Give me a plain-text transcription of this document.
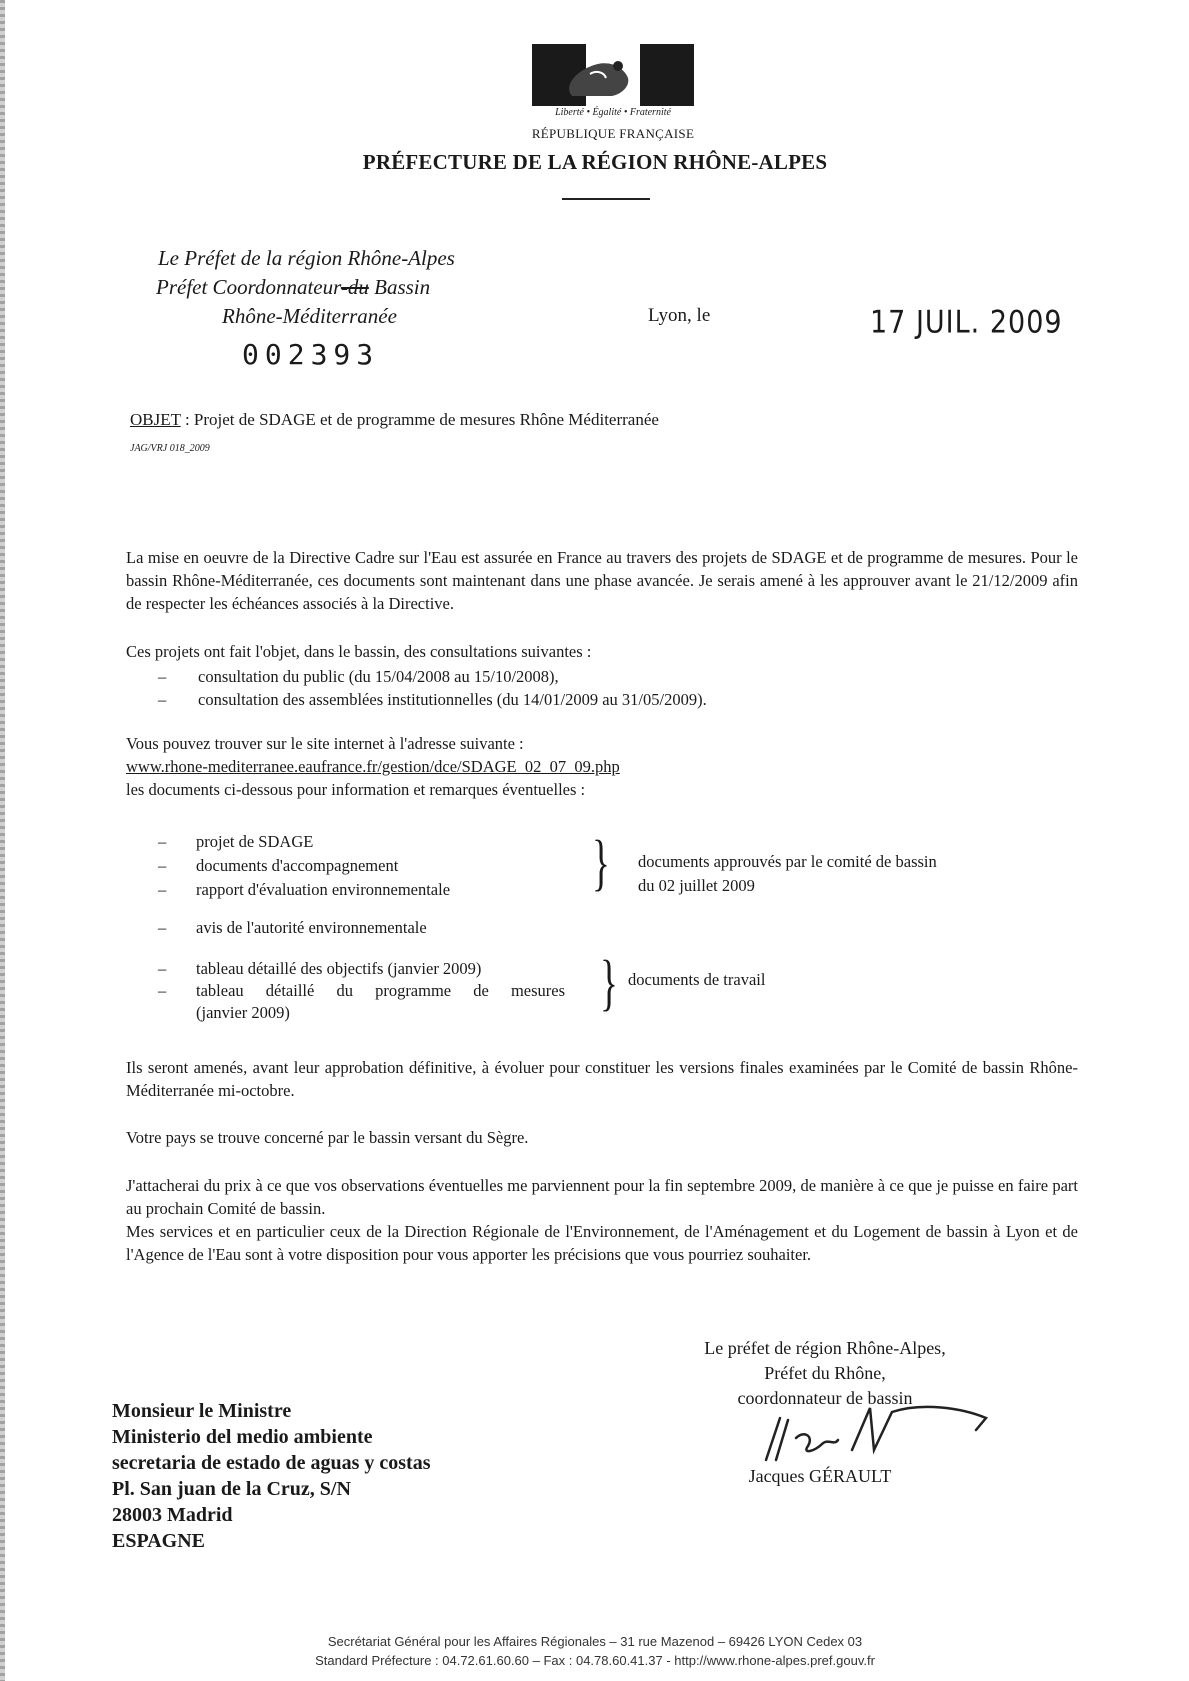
Liberté • Égalité • Fraternité
RÉPUBLIQUE FRANÇAISE
PRÉFECTURE DE LA RÉGION RHÔNE-ALPES
Le Préfet de la région Rhône-Alpes
Préfet Coordonnateur-du Bassin
Rhône-Méditerranée
002393
Lyon, le	17 JUIL. 2009
OBJET : Projet de SDAGE et de programme de mesures Rhône Méditerranée
JAG/VRJ 018_2009
La mise en oeuvre de la Directive Cadre sur l'Eau est assurée en France au travers des projets de SDAGE et de programme de mesures. Pour le bassin Rhône-Méditerranée, ces documents sont maintenant dans une phase avancée. Je serais amené à les approuver avant le 21/12/2009 afin de respecter les échéances associés à la Directive.
Ces projets ont fait l'objet, dans le bassin, des consultations suivantes :
–	consultation du public (du 15/04/2008 au 15/10/2008),
–	consultation des assemblées institutionnelles (du 14/01/2009 au 31/05/2009).
Vous pouvez trouver sur le site internet à l'adresse suivante :
www.rhone-mediterranee.eaufrance.fr/gestion/dce/SDAGE_02_07_09.php
les documents ci-dessous pour information et remarques éventuelles :
–	projet de SDAGE
–	documents d'accompagnement
–	rapport d'évaluation environnementale } documents approuvés par le comité de bassin
du 02 juillet 2009
–	avis de l'autorité environnementale
–	tableau détaillé des objectifs (janvier 2009)
–	tableau détaillé du programme de mesures
(janvier 2009)	} documents de travail
Ils seront amenés, avant leur approbation définitive, à évoluer pour constituer les versions finales examinées par le Comité de bassin Rhône-Méditerranée mi-octobre.
Votre pays se trouve concerné par le bassin versant du Sègre.
J'attacherai du prix à ce que vos observations éventuelles me parviennent pour la fin septembre 2009, de manière à ce que je puisse en faire part au prochain Comité de bassin.
Mes services et en particulier ceux de la Direction Régionale de l'Environnement, de l'Aménagement et du Logement de bassin à Lyon et de l'Agence de l'Eau sont à votre disposition pour vous apporter les précisions que vous pourriez souhaiter.
Le préfet de région Rhône-Alpes,
Préfet du Rhône,
coordonnateur de bassin
Jacques GÉRAULT
Monsieur le Ministre
Ministerio del medio ambiente
secretaria de estado de aguas y costas
Pl. San juan de la Cruz, S/N
28003 Madrid
ESPAGNE
Secrétariat Général pour les Affaires Régionales – 31 rue Mazenod – 69426 LYON Cedex 03
Standard Préfecture : 04.72.61.60.60 – Fax : 04.78.60.41.37 - http://www.rhone-alpes.pref.gouv.fr
